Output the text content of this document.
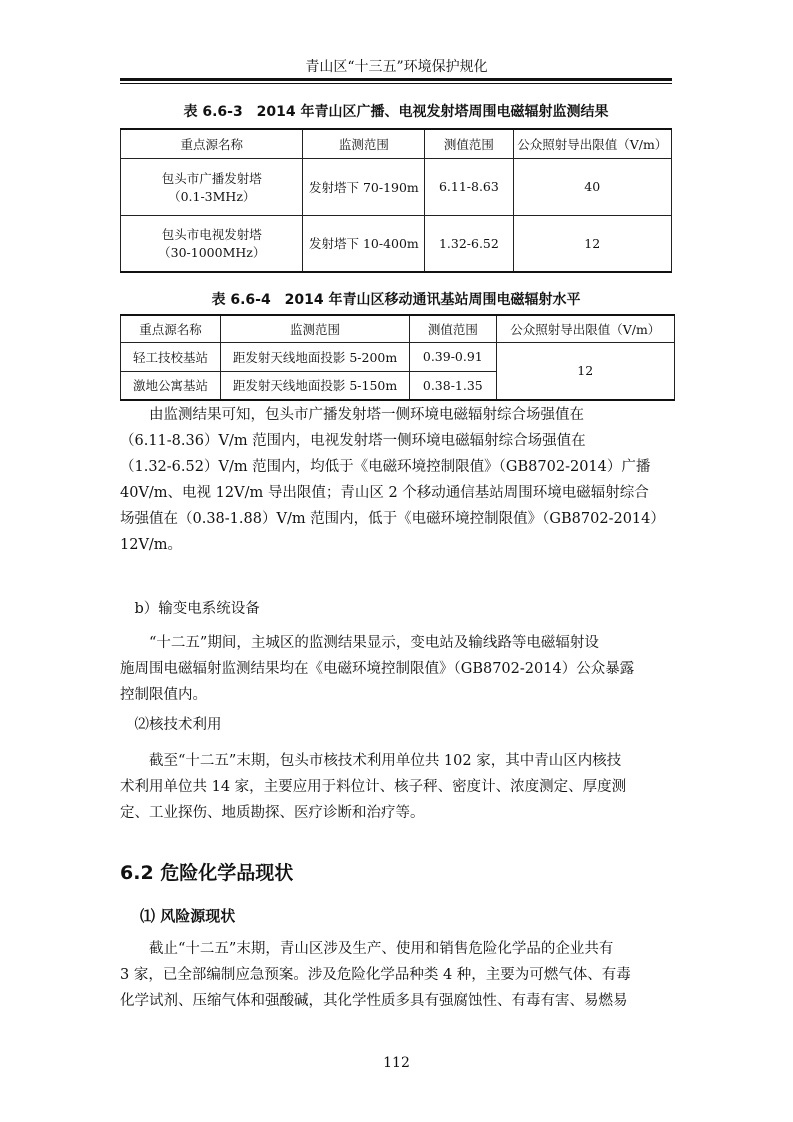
青山区“十三五”环境保护规化
表 6.6-3　2014 年青山区广播、电视发射塔周围电磁辐射监测结果
重点源名称	监测范围	测值范围	公众照射导出限值（V/m）

包头市广播发射塔
（0.1-3MHz）	发射塔下 70-190m	6.11-8.63	40

包头市电视发射塔
（30-1000MHz）	发射塔下 10-400m	1.32-6.52	12
表 6.6-4　2014 年青山区移动通讯基站周围电磁辐射水平
重点源名称	监测范围	测值范围	公众照射导出限值（V/m）
轻工技校基站	距发射天线地面投影 5-200m	0.39-0.91	12
激地公寓基站	距发射天线地面投影 5-150m	0.38-1.35	
　　由监测结果可知，包头市广播发射塔一侧环境电磁辐射综合场强值在
（6.11-8.36）V/m 范围内，电视发射塔一侧环境电磁辐射综合场强值在
（1.32-6.52）V/m 范围内，均低于《电磁环境控制限值》（GB8702-2014）广播
40V/m、电视 12V/m 导出限值；青山区 2 个移动通信基站周围环境电磁辐射综合
场强值在（0.38-1.88）V/m 范围内，低于《电磁环境控制限值》（GB8702-2014）
12V/m。
　b）输变电系统设备
　　“十二五”期间，主城区的监测结果显示，变电站及输线路等电磁辐射设
施周围电磁辐射监测结果均在《电磁环境控制限值》（GB8702-2014）公众暴露
控制限值内。
　⑵核技术利用
　　截至“十二五”末期，包头市核技术利用单位共 102 家，其中青山区内核技
术利用单位共 14 家，主要应用于料位计、核子秤、密度计、浓度测定、厚度测
定、工业探伤、地质勘探、医疗诊断和治疗等。
6.2 危险化学品现状
⑴ 风险源现状
　　截止“十二五”末期，青山区涉及生产、使用和销售危险化学品的企业共有
3 家，已全部编制应急预案。涉及危险化学品种类 4 种，主要为可燃气体、有毒
化学试剂、压缩气体和强酸碱，其化学性质多具有强腐蚀性、有毒有害、易燃易
112
